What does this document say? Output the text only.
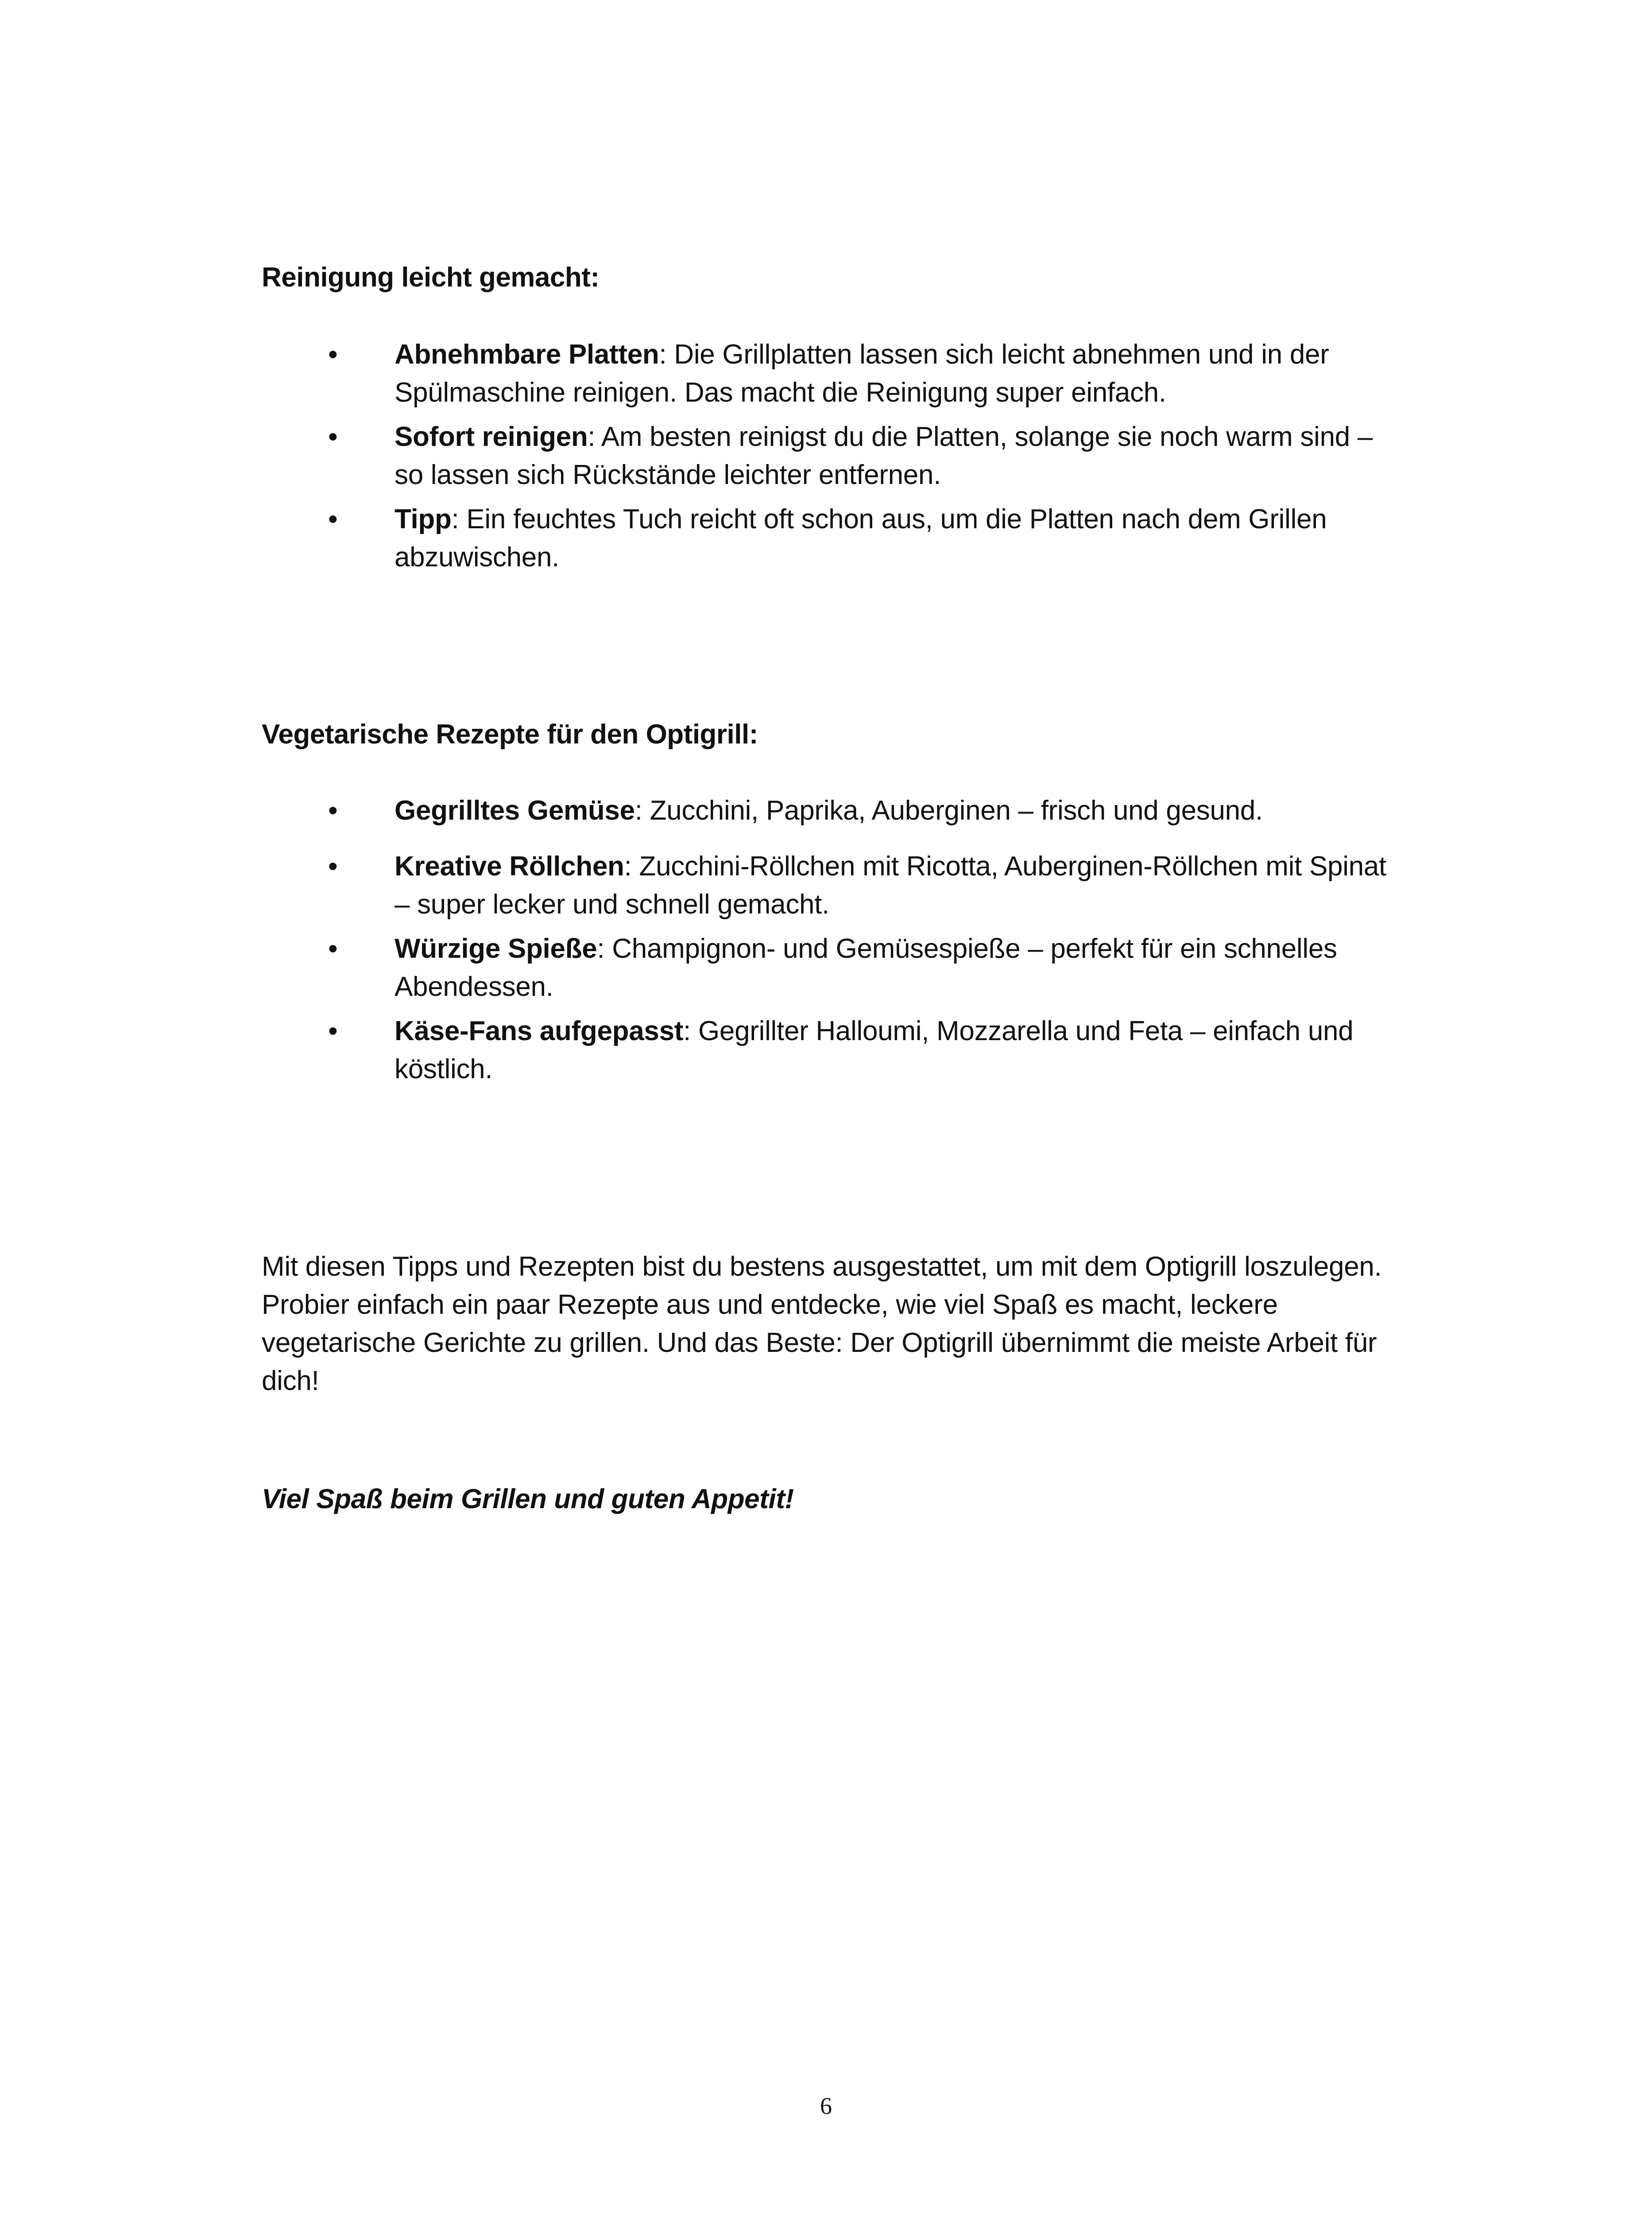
Reinigung leicht gemacht:
• Abnehmbare Platten: Die Grillplatten lassen sich leicht abnehmen und in der Spülmaschine reinigen. Das macht die Reinigung super einfach.
• Sofort reinigen: Am besten reinigst du die Platten, solange sie noch warm sind – so lassen sich Rückstände leichter entfernen.
• Tipp: Ein feuchtes Tuch reicht oft schon aus, um die Platten nach dem Grillen abzuwischen.
Vegetarische Rezepte für den Optigrill:
• Gegrilltes Gemüse: Zucchini, Paprika, Auberginen – frisch und gesund.
• Kreative Röllchen: Zucchini-Röllchen mit Ricotta, Auberginen-Röllchen mit Spinat – super lecker und schnell gemacht.
• Würzige Spieße: Champignon- und Gemüsespieße – perfekt für ein schnelles Abendessen.
• Käse-Fans aufgepasst: Gegrillter Halloumi, Mozzarella und Feta – einfach und köstlich.

Mit diesen Tipps und Rezepten bist du bestens ausgestattet, um mit dem Optigrill loszulegen. Probier einfach ein paar Rezepte aus und entdecke, wie viel Spaß es macht, leckere vegetarische Gerichte zu grillen. Und das Beste: Der Optigrill übernimmt die meiste Arbeit für dich!

Viel Spaß beim Grillen und guten Appetit!

6
